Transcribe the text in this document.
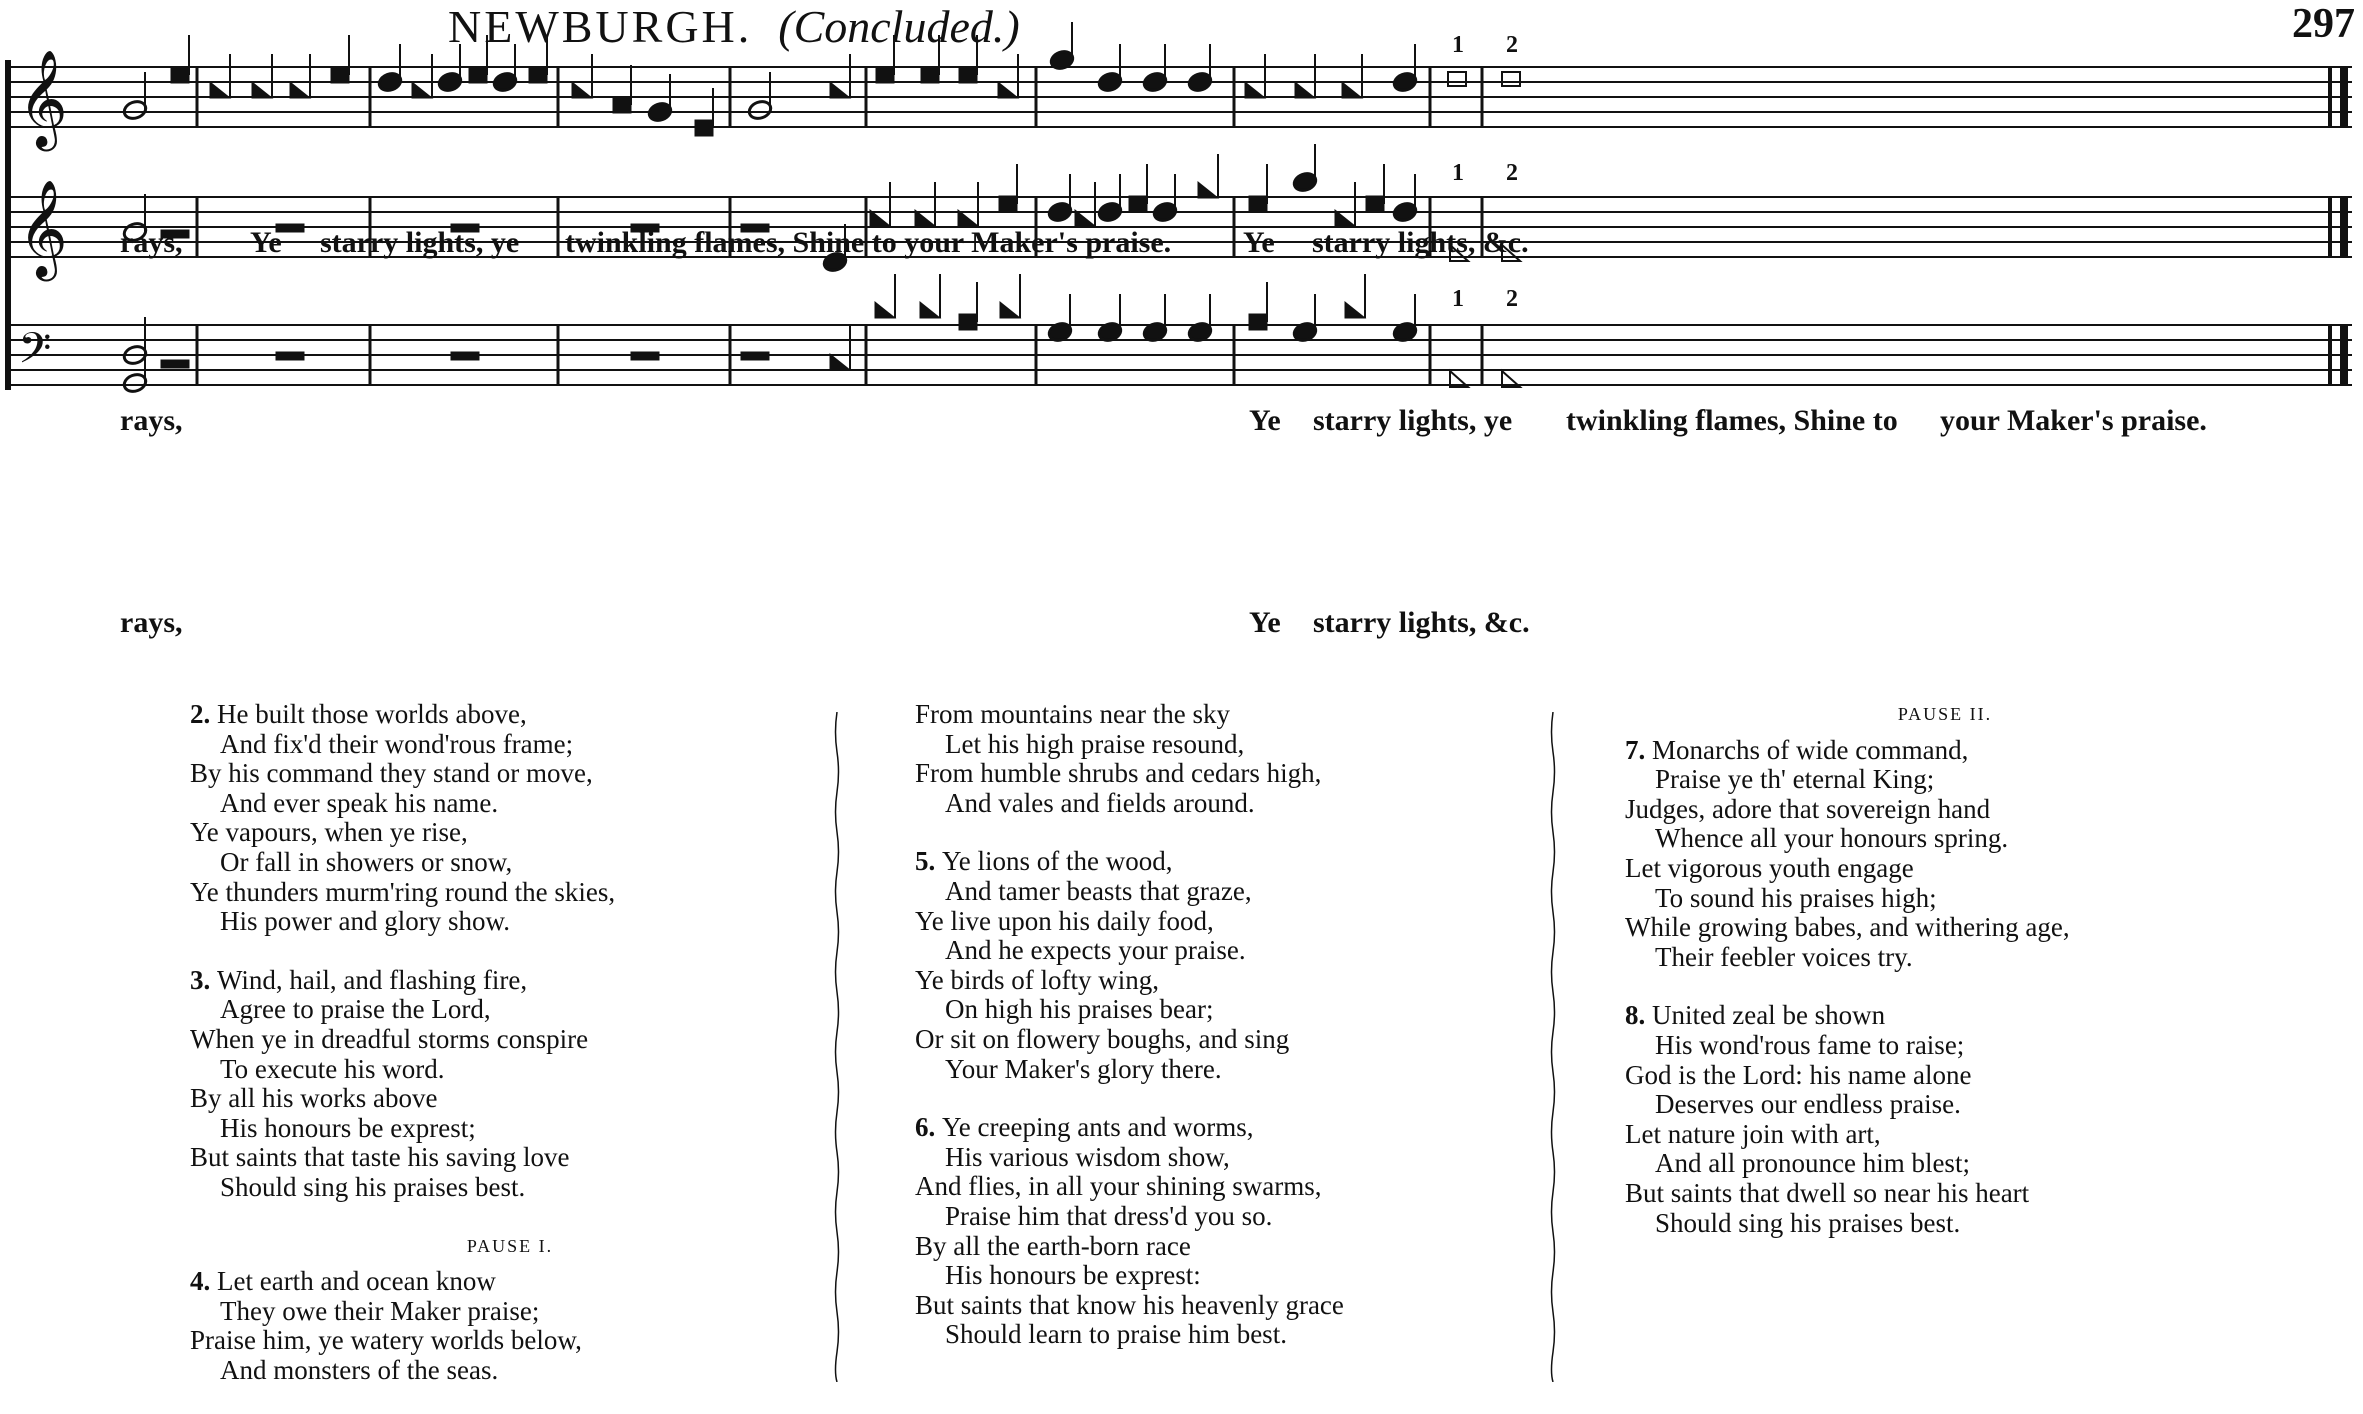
NEWBURGH. (Concluded.)	297
𝄞
𝄞
𝄢
1 2
1 2
1 2
rays, Ye starry lights, ye twinkling flames, Shine to your Maker's praise. Ye starry lights, &c.
rays,	Ye starry lights, ye twinkling flames, Shine to your Maker's praise.
rays,	Ye starry lights, &c.
2. He built those worlds above,
And fix'd their wond'rous frame;
By his command they stand or move,
And ever speak his name.
Ye vapours, when ye rise,
Or fall in showers or snow,
Ye thunders murm'ring round the skies,
His power and glory show.
3. Wind, hail, and flashing fire,
Agree to praise the Lord,
When ye in dreadful storms conspire
To execute his word.
By all his works above
His honours be exprest;
But saints that taste his saving love
Should sing his praises best.
PAUSE I.
4. Let earth and ocean know
They owe their Maker praise;
Praise him, ye watery worlds below,
And monsters of the seas.
From mountains near the sky
Let his high praise resound,
From humble shrubs and cedars high,
And vales and fields around.
5. Ye lions of the wood,
And tamer beasts that graze,
Ye live upon his daily food,
And he expects your praise.
Ye birds of lofty wing,
On high his praises bear;
Or sit on flowery boughs, and sing
Your Maker's glory there.
6. Ye creeping ants and worms,
His various wisdom show,
And flies, in all your shining swarms,
Praise him that dress'd you so.
By all the earth-born race
His honours be exprest:
But saints that know his heavenly grace
Should learn to praise him best.
PAUSE II.
7. Monarchs of wide command,
Praise ye th' eternal King;
Judges, adore that sovereign hand
Whence all your honours spring.
Let vigorous youth engage
To sound his praises high;
While growing babes, and withering age,
Their feebler voices try.
8. United zeal be shown
His wond'rous fame to raise;
God is the Lord: his name alone
Deserves our endless praise.
Let nature join with art,
And all pronounce him blest;
But saints that dwell so near his heart
Should sing his praises best.
